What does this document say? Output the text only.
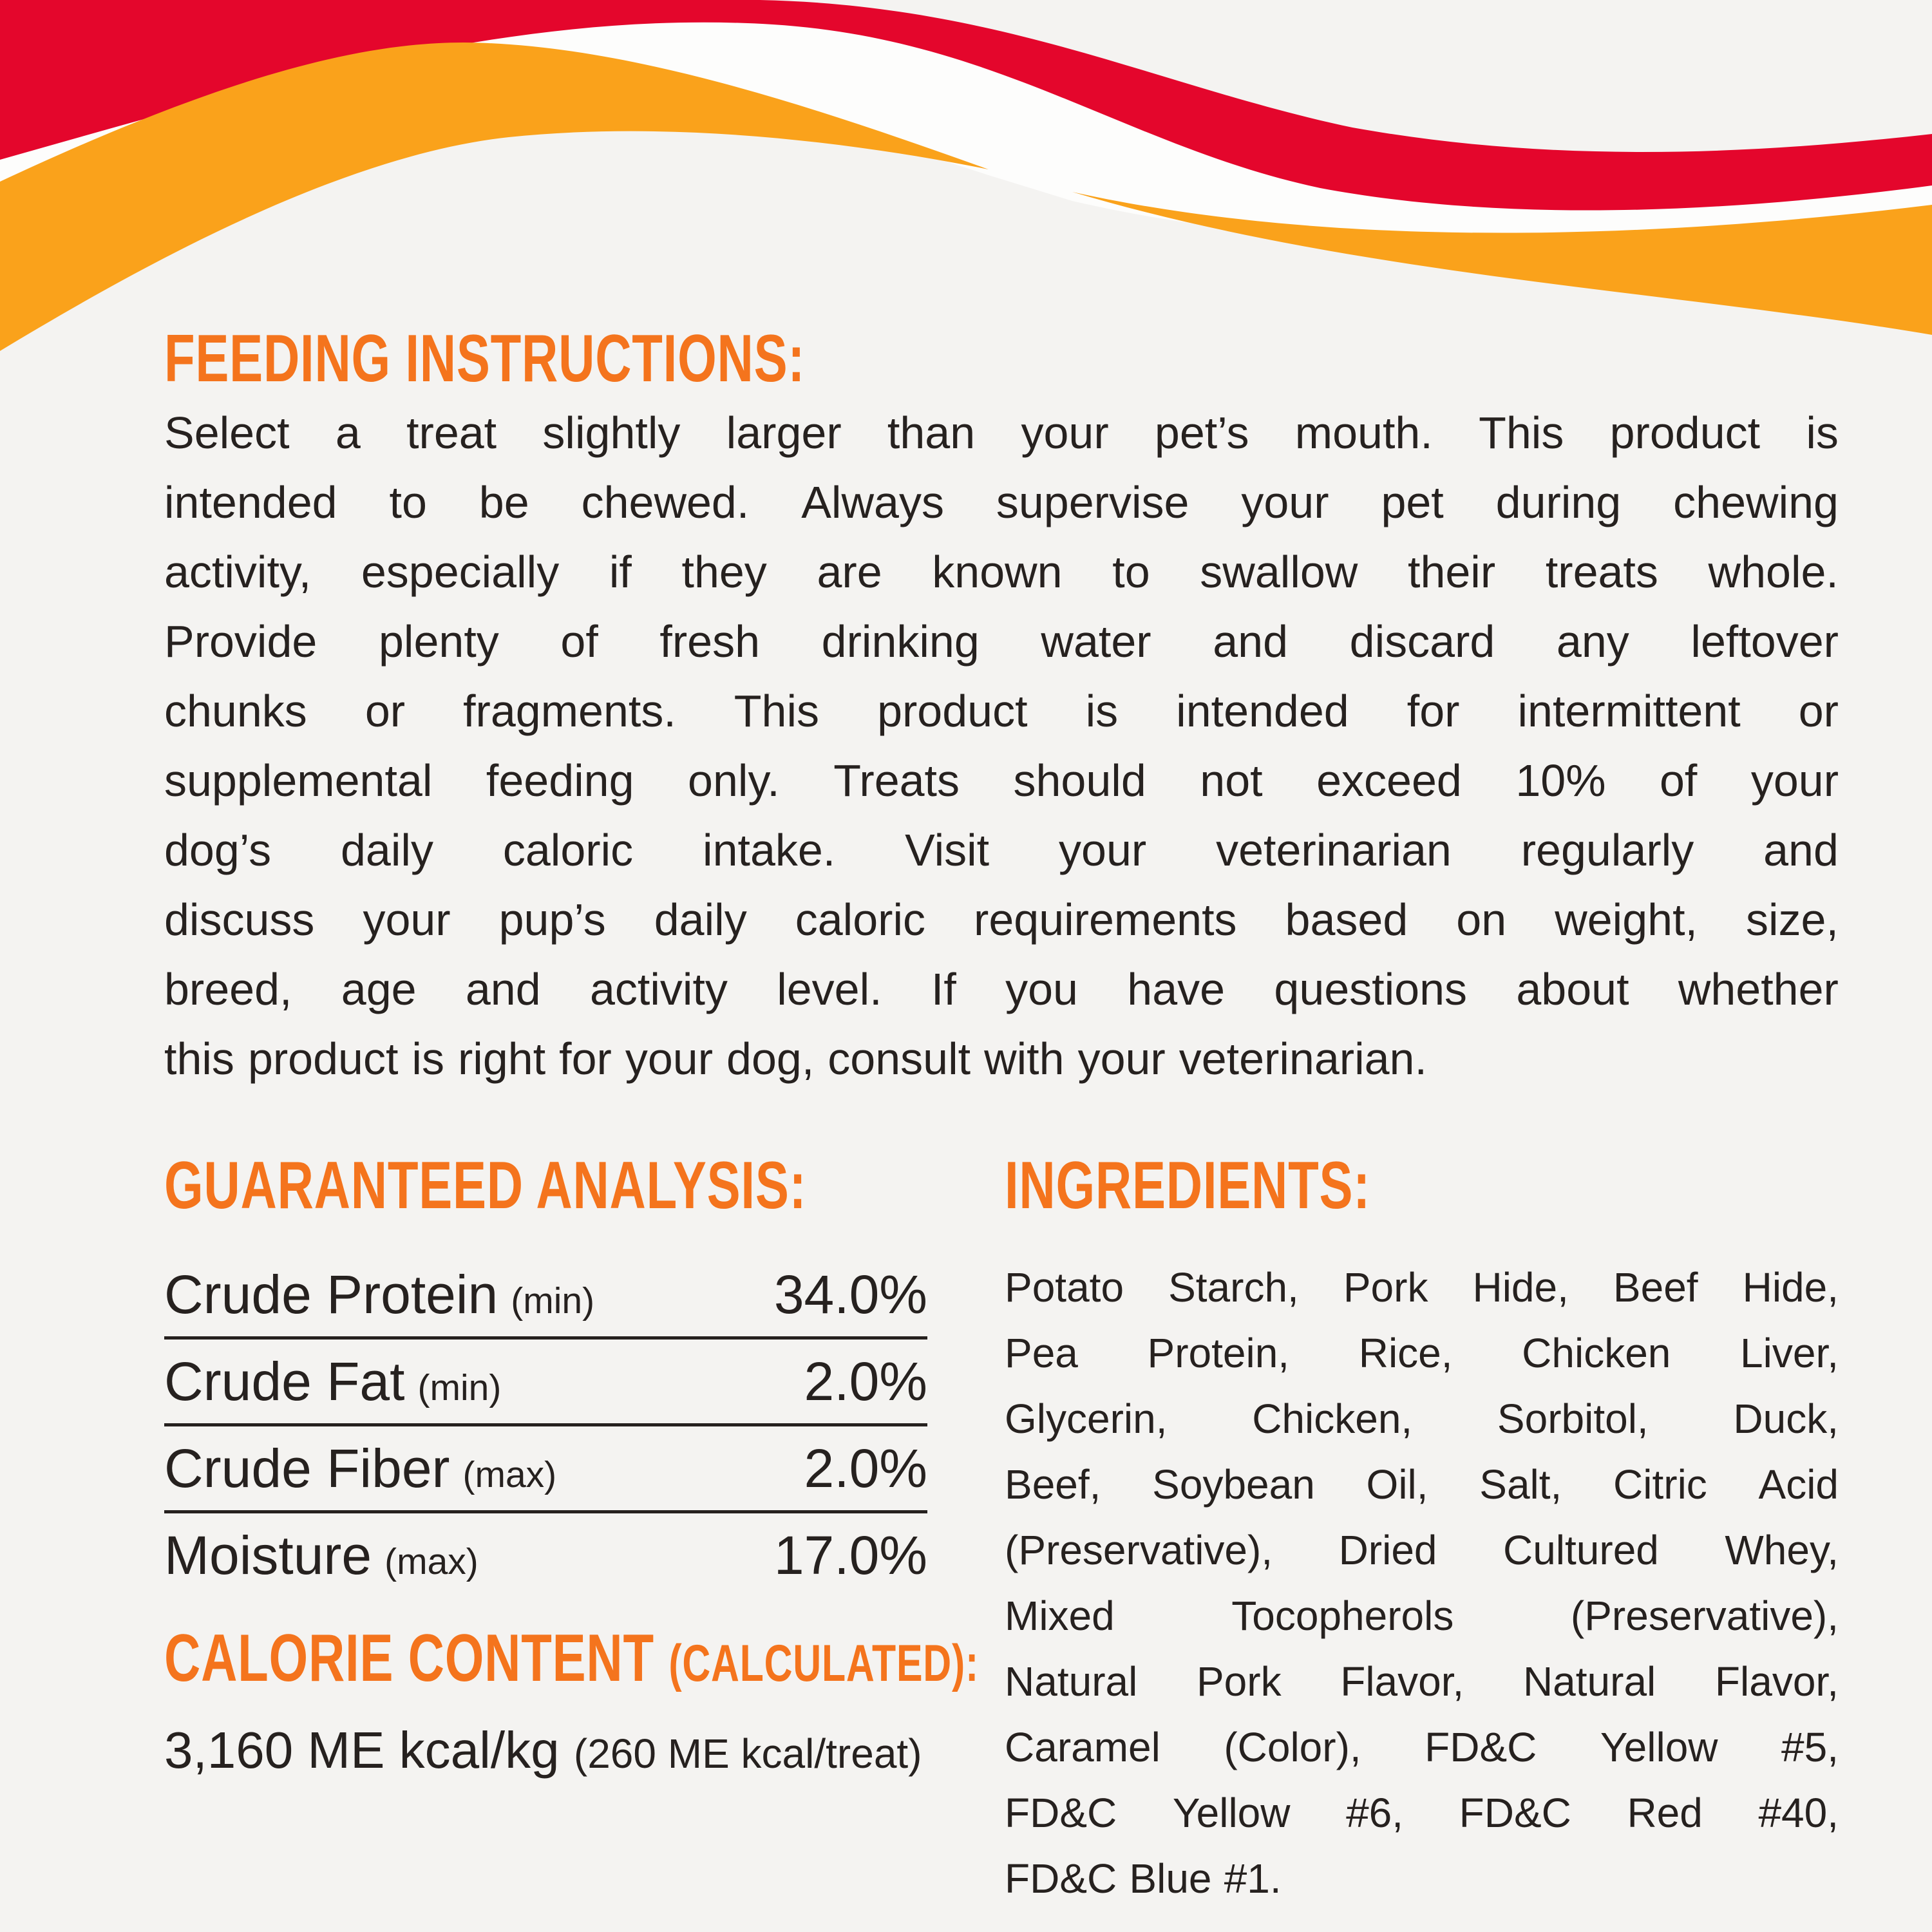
FEEDING INSTRUCTIONS:
Select a treat slightly larger than your pet’s mouth. This product is
intended to be chewed. Always supervise your pet during chewing
activity, especially if they are known to swallow their treats whole.
Provide plenty of fresh drinking water and discard any leftover
chunks or fragments. This product is intended for intermittent or
supplemental feeding only. Treats should not exceed 10% of your
dog’s daily caloric intake. Visit your veterinarian regularly and
discuss your pup’s daily caloric requirements based on weight, size,
breed, age and activity level. If you have questions about whether
this product is right for your dog, consult with your veterinarian.
GUARANTEED ANALYSIS:
Crude Protein (min)	34.0%
Crude Fat (min)	2.0%
Crude Fiber (max)	2.0%
Moisture (max)	17.0%
CALORIE CONTENT (CALCULATED):
3,160 ME kcal/kg (260 ME kcal/treat)
INGREDIENTS:
Potato Starch, Pork Hide, Beef Hide,
Pea Protein, Rice, Chicken Liver,
Glycerin, Chicken, Sorbitol, Duck,
Beef, Soybean Oil, Salt, Citric Acid
(Preservative), Dried Cultured Whey,
Mixed	Tocopherols	(Preservative),
Natural Pork Flavor, Natural Flavor,
Caramel (Color), FD&C Yellow #5,
FD&C Yellow #6, FD&C Red #40,
FD&C Blue #1.
